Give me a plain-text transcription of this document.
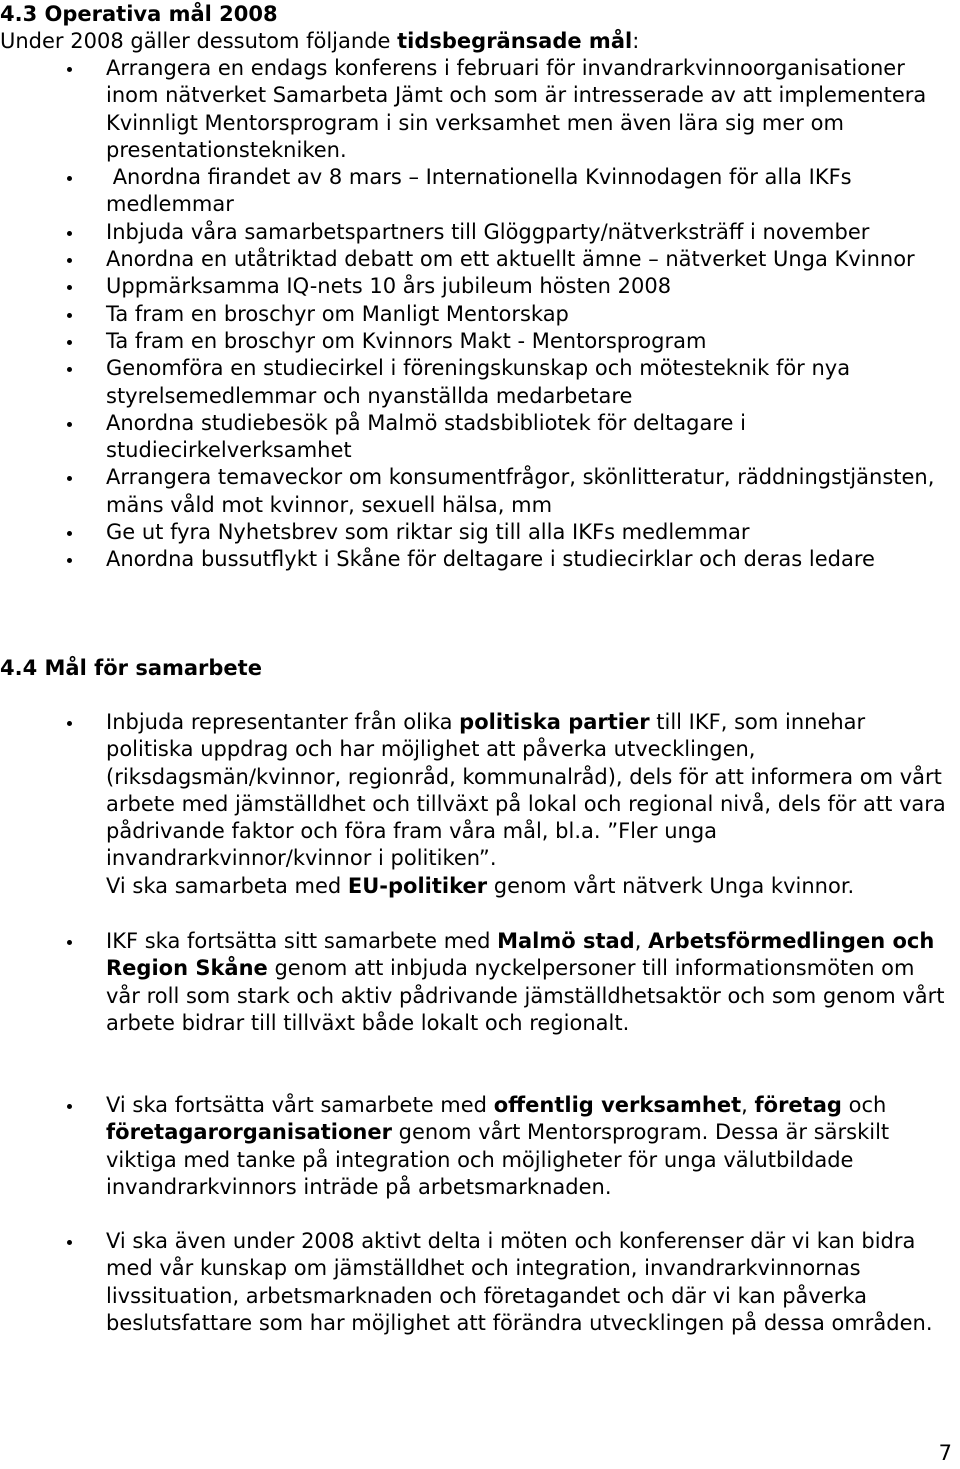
4.3 Operativa mål 2008

Under 2008 gäller dessutom följande tidsbegränsade mål:

Arrangera en endags konferens i februari för invandrarkvinnoorganisationer inom nätverket Samarbeta Jämt och som är intresserade av att implementera Kvinnligt Mentorsprogram i sin verksamhet men även lära sig mer om presentationstekniken.
Anordna firandet av 8 mars – Internationella Kvinnodagen för alla IKFs medlemmar
Inbjuda våra samarbetspartners till Glöggparty/nätverksträff i november
Anordna en utåtriktad debatt om ett aktuellt ämne – nätverket Unga Kvinnor
Uppmärksamma IQ-nets 10 års jubileum hösten 2008
Ta fram en broschyr om Manligt Mentorskap
Ta fram en broschyr om Kvinnors Makt - Mentorsprogram
Genomföra en studiecirkel i föreningskunskap och mötesteknik för nya styrelsemedlemmar och nyanställda medarbetare
Anordna studiebesök på Malmö stadsbibliotek för deltagare i studiecirkelverksamhet
Arrangera temaveckor om konsumentfrågor, skönlitteratur, räddningstjänsten, mäns våld mot kvinnor, sexuell hälsa, mm
Ge ut fyra Nyhetsbrev som riktar sig till alla IKFs medlemmar
Anordna bussutflykt i Skåne för deltagare i studiecirklar och deras ledare
4.4 Mål för samarbete
Inbjuda representanter från olika politiska partier till IKF, som innehar politiska uppdrag och har möjlighet att påverka utvecklingen, (riksdagsmän/kvinnor, regionråd, kommunalråd), dels för att informera om vårt arbete med jämställdhet och tillväxt på lokal och regional nivå, dels för att vara pådrivande faktor och föra fram våra mål, bl.a. ”Fler unga invandrarkvinnor/kvinnor i politiken”.
Vi ska samarbeta med EU-politiker genom vårt nätverk Unga kvinnor.
IKF ska fortsätta sitt samarbete med Malmö stad, Arbetsförmedlingen och Region Skåne genom att inbjuda nyckelpersoner till informationsmöten om vår roll som stark och aktiv pådrivande jämställdhetsaktör och som genom vårt arbete bidrar till tillväxt både lokalt och regionalt.
Vi ska fortsätta vårt samarbete med offentlig verksamhet, företag och företagarorganisationer genom vårt Mentorsprogram. Dessa är särskilt viktiga med tanke på integration och möjligheter för unga välutbildade invandrarkvinnors inträde på arbetsmarknaden.
Vi ska även under 2008 aktivt delta i möten och konferenser där vi kan bidra med vår kunskap om jämställdhet och integration, invandrarkvinnornas livssituation, arbetsmarknaden och företagandet och där vi kan påverka beslutsfattare som har möjlighet att förändra utvecklingen på dessa områden.
7
